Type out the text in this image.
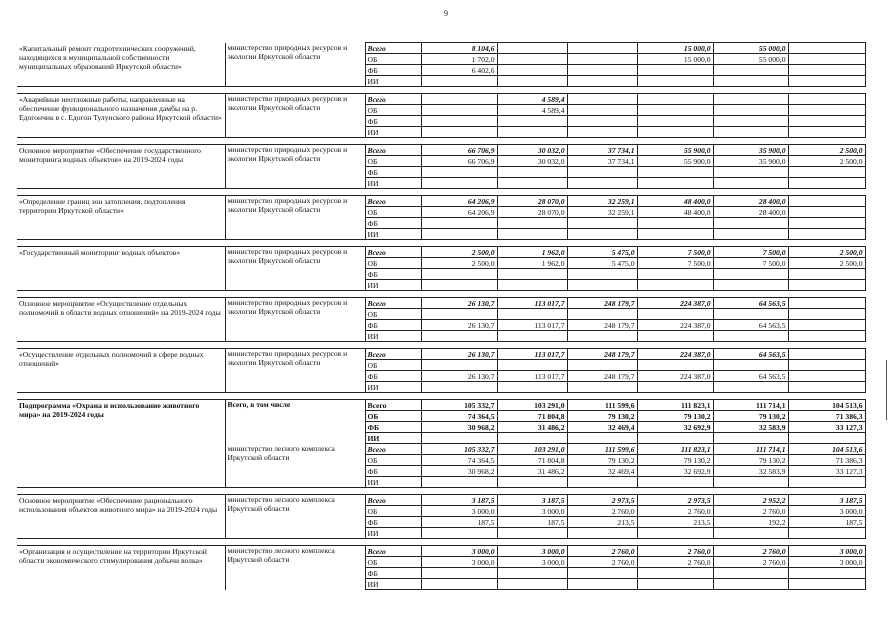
9
«Капитальный ремонт гидротехнических сооружений, находящихся в муниципальной собственности муниципальных образований Иркутской области»	министерство природных ресурсов и экологии Иркутской области	Всего	8 104,6			15 000,0	55 000,0	
		ОБ	1 702,0			15 000,0	55 000,0	
		ФБ	6 402,6					
		ИИ						

«Аварийные неотложные работы, направленные на обеспечение функционального назначения дамбы на р. Едогончик в с. Едогон Тулунского района Иркутской области»	министерство природных ресурсов и экологии Иркутской области	Всего		4 589,4				
		ОБ		4 589,4				
		ФБ						
		ИИ						

Основное мероприятие «Обеспечение государственного мониторинга водных объектов» на 2019-2024 годы	министерство природных ресурсов и экологии Иркутской области	Всего	66 706,9	30 032,0	37 734,1	55 900,0	35 900,0	2 500,0
		ОБ	66 706,9	30 032,0	37 734,1	55 900,0	35 900,0	2 500,0
		ФБ						
		ИИ						

«Определение границ зон затопления, подтопления территории Иркутской области»	министерство природных ресурсов и экологии Иркутской области	Всего	64 206,9	28 070,0	32 259,1	48 400,0	28 400,0	
		ОБ	64 206,9	28 070,0	32 259,1	48 400,0	28 400,0	
		ФБ						
		ИИ						

«Государственный мониторинг водных объектов»	министерство природных ресурсов и экологии Иркутской области	Всего	2 500,0	1 962,0	5 475,0	7 500,0	7 500,0	2 500,0
		ОБ	2 500,0	1 962,0	5 475,0	7 500,0	7 500,0	2 500,0
		ФБ						
		ИИ						

Основное мероприятие «Осуществление отдельных полномочий в области водных отношений» на 2019-2024 годы	министерство природных ресурсов и экологии Иркутской области	Всего	26 130,7	113 017,7	248 179,7	224 387,0	64 563,5	
		ОБ						
		ФБ	26 130,7	113 017,7	248 179,7	224 387,0	64 563,5	
		ИИ						

«Осуществление отдельных полномочий в сфере водных отношений»	министерство природных ресурсов и экологии Иркутской области	Всего	26 130,7	113 017,7	248 179,7	224 387,0	64 563,5	
		ОБ						
		ФБ	26 130,7	113 017,7	248 179,7	224 387,0	64 563,5	
		ИИ						

Подпрограмма «Охрана и использование животного мира» на 2019-2024 годы	Всего, в том числе	Всего	105 332,7	103 291,0	111 599,6	111 823,1	111 714,1	104 513,6
		ОБ	74 364,5	71 804,8	79 130,2	79 130,2	79 130,2	71 386,3
		ФБ	30 968,2	31 486,2	32 469,4	32 692,9	32 583,9	33 127,3
		ИИ						
	министерство лесного комплекса Иркутской области	Всего	105 332,7	103 291,0	111 599,6	111 823,1	111 714,1	104 513,6
		ОБ	74 364,5	71 804,8	79 130,2	79 130,2	79 130,2	71 386,3
		ФБ	30 968,2	31 486,2	32 469,4	32 692,9	32 583,9	33 127,3
		ИИ						

Основное мероприятие «Обеспечение рационального использования объектов животного мира» на 2019-2024 годы	министерство лесного комплекса Иркутской области	Всего	3 187,5	3 187,5	2 973,5	2 973,5	2 952,2	3 187,5
		ОБ	3 000,0	3 000,0	2 760,0	2 760,0	2 760,0	3 000,0
		ФБ	187,5	187,5	213,5	213,5	192,2	187,5
		ИИ						

«Организация и осуществление на территории Иркутской области экономического стимулирования добычи волка»	министерство лесного комплекса Иркутской области	Всего	3 000,0	3 000,0	2 760,0	2 760,0	2 760,0	3 000,0
		ОБ	3 000,0	3 000,0	2 760,0	2 760,0	2 760,0	3 000,0
		ФБ						
		ИИ						
